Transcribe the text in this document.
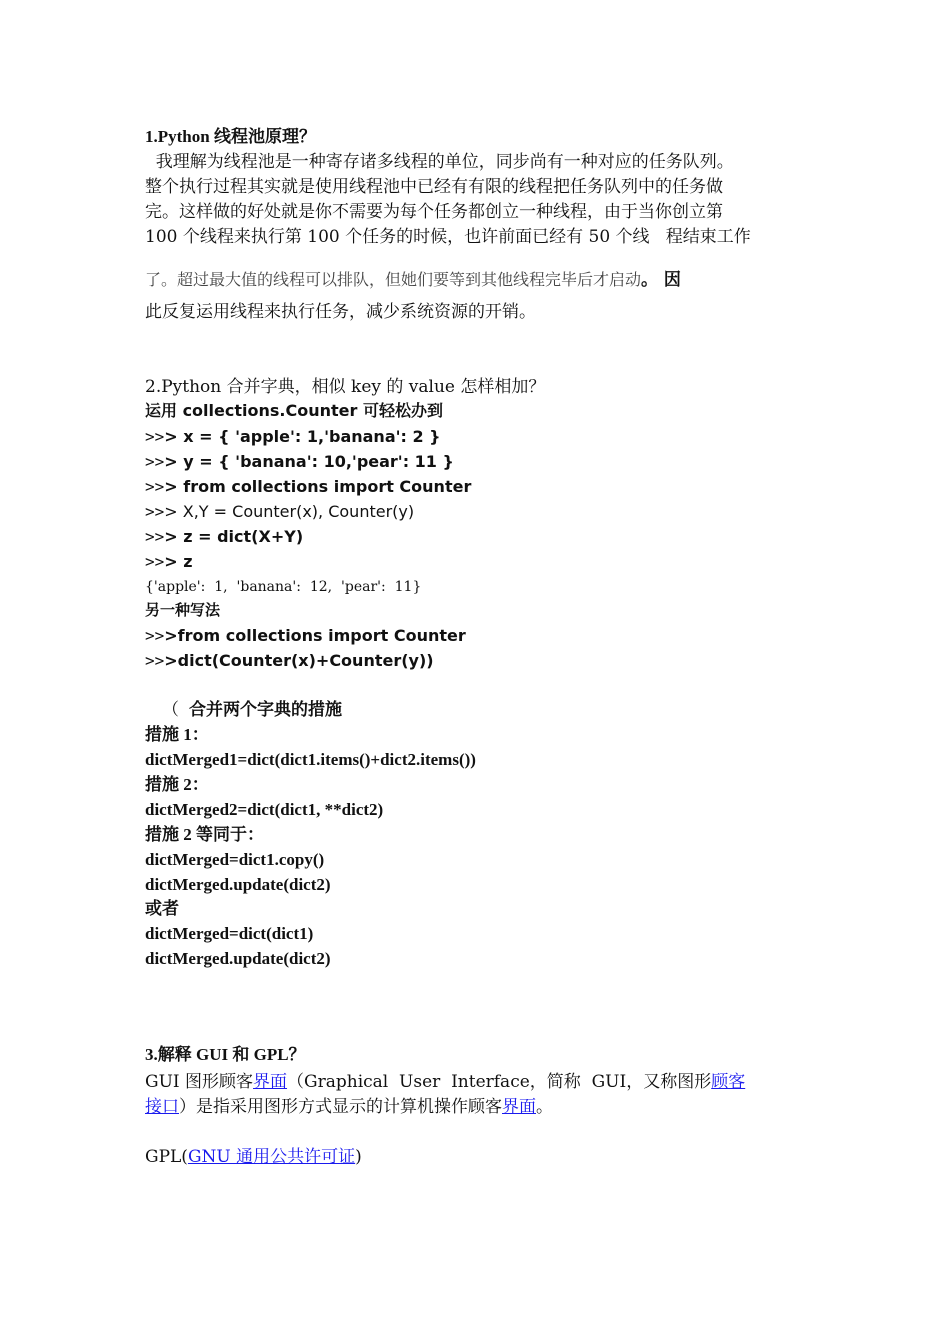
1.Python 线程池原理？
我理解为线程池是一种寄存诸多线程的单位，同步尚有一种对应的任务队列。
整个执行过程其实就是使用线程池中已经有有限的线程把任务队列中的任务做
完。这样做的好处就是你不需要为每个任务都创立一种线程，由于当你创立第
100 个线程来执行第 100 个任务的时候，也许前面已经有 50 个线   程结束工作
了。超过最大值的线程可以排队，但她们要等到其他线程完毕后才启动。 因
此反复运用线程来执行任务，减少系统资源的开销。
2.Python 合并字典，相似 key 的 value 怎样相加？
运用 collections.Counter 可轻松办到
>>> x = { 'apple': 1,'banana': 2 }
>>> y = { 'banana': 10,'pear': 11 }
>>> from collections import Counter
>>> X,Y = Counter(x), Counter(y)
>>> z = dict(X+Y)
>>> z
{'apple':  1,  'banana':  12,  'pear':  11}
另一种写法
>>>from collections import Counter
>>>dict(Counter(x)+Counter(y))
（ 合并两个字典的措施
措施 1：
dictMerged1=dict(dict1.items()+dict2.items())
措施 2：
dictMerged2=dict(dict1, **dict2)
措施 2 等同于：
dictMerged=dict1.copy()
dictMerged.update(dict2)
或者
dictMerged=dict(dict1)
dictMerged.update(dict2)
3.解释 GUI 和 GPL？
GUI 图形顾客界面（Graphical  User  Interface，简称  GUI，又称图形顾客
接口）是指采用图形方式显示的计算机操作顾客界面。
GPL(GNU 通用公共许可证)
